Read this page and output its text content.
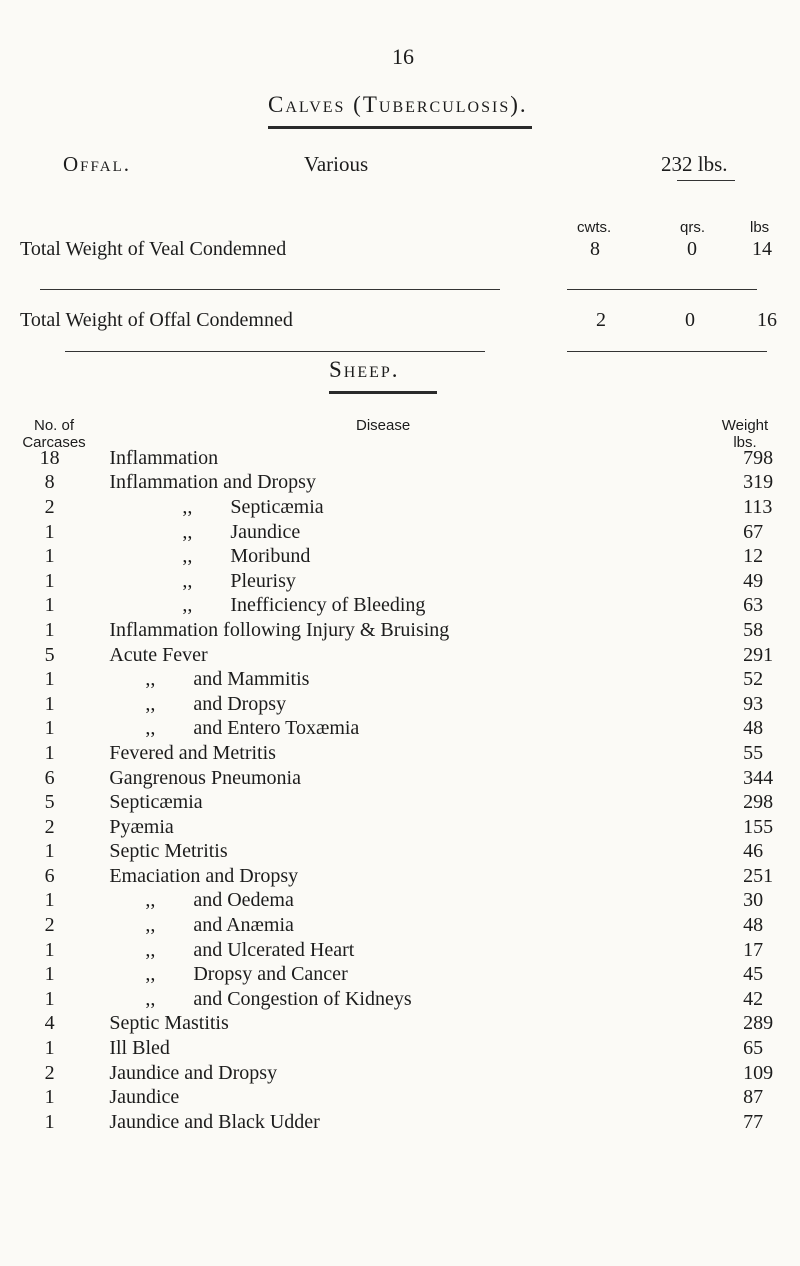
16
Calves (Tuberculosis).
Offal.	Various	232 lbs.
cwts.	qrs.	lbs
Total Weight of Veal Condemned	8	0	14
Total Weight of Offal Condemned	2	0	16
Sheep.
No. of Carcases
Disease	Weight lbs.
18	Inflammation	798
8	Inflammation and Dropsy	319
2	,, Septicæmia	113
1	,, Jaundice	67
1	,, Moribund	12
1	,, Pleurisy	49
1	,, Inefficiency of Bleeding	63
1	Inflammation following Injury & Bruising	58
5	Acute Fever	291
1	,, and Mammitis	52
1	,, and Dropsy	93
1	,, and Entero Toxæmia	48
1	Fevered and Metritis	55
6	Gangrenous Pneumonia	344
5	Septicæmia	298
2	Pyæmia	155
1	Septic Metritis	46
6	Emaciation and Dropsy	251
1	,, and Oedema	30
2	,, and Anæmia	48
1	,, and Ulcerated Heart	17
1	,, Dropsy and Cancer	45
1	,, and Congestion of Kidneys	42
4	Septic Mastitis	289
1	Ill Bled	65
2	Jaundice and Dropsy	109
1	Jaundice	87
1	Jaundice and Black Udder	77
